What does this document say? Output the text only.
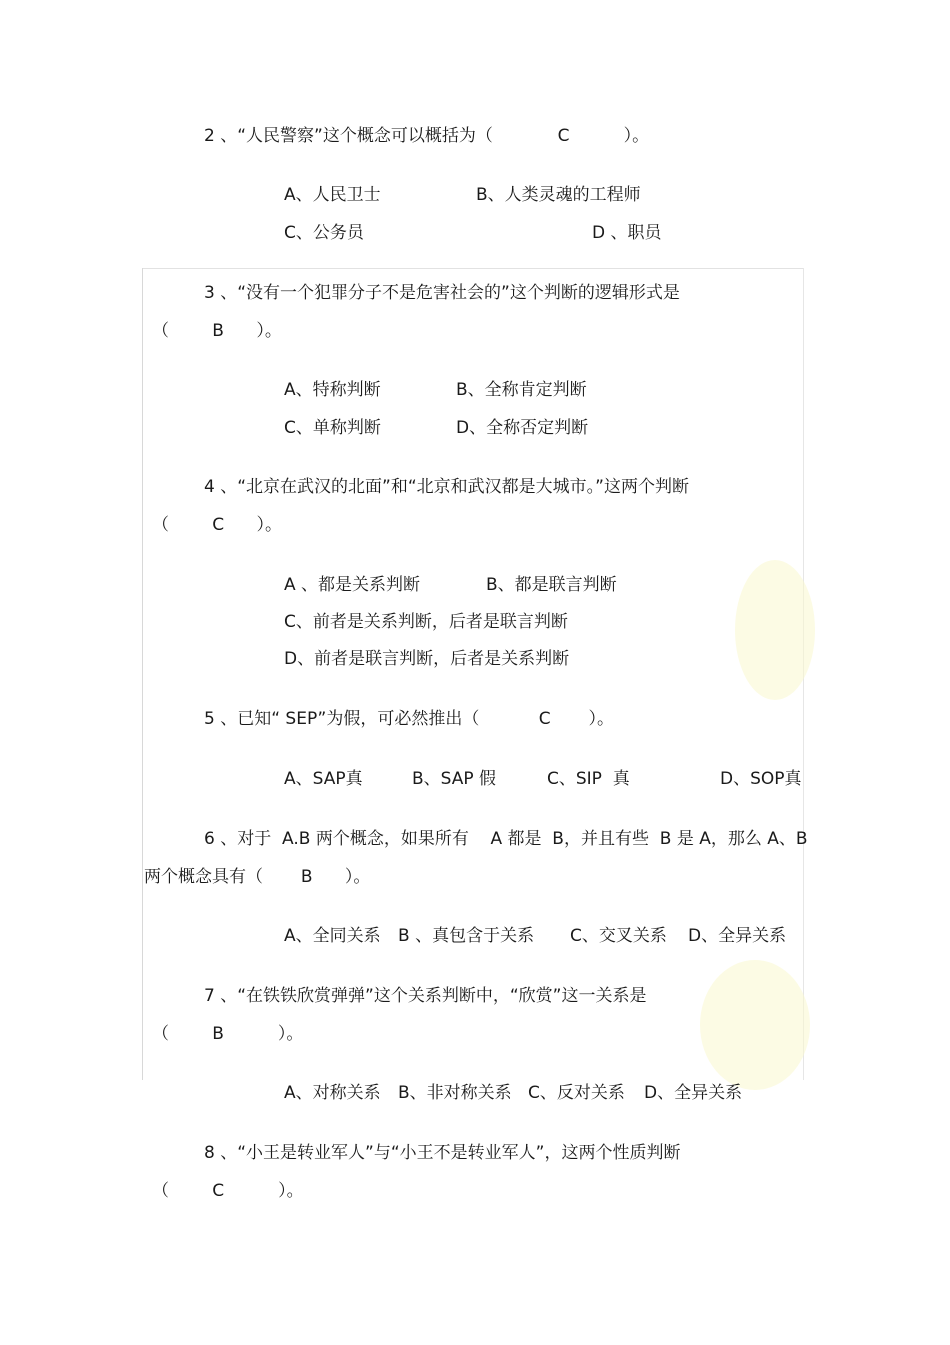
2 、“人民警察”这个概念可以概括为（            C          ）。
A、人民卫士	B、人类灵魂的工程师
C、公务员	D 、职员
3 、“没有一个犯罪分子不是危害社会的”这个判断的逻辑形式是
（        B      ）。
A、特称判断	B、全称肯定判断
C、单称判断	D、全称否定判断
4 、“北京在武汉的北面”和“北京和武汉都是大城市。”这两个判断
（        C      ）。
A 、都是关系判断	B、都是联言判断
C、前者是关系判断，后者是联言判断
D、前者是联言判断，后者是关系判断
5 、已知“ SEP”为假，可必然推出（           C       ）。
A、SAP真	B、SAP 假	C、SIP  真	D、SOP真
6 、对于  A.B 两个概念，如果所有    A 都是  B，并且有些  B 是 A，那么 A、B
两个概念具有（       B      ）。
A、全同关系 B 、真包含于关系 C、交叉关系 D、全异关系
7 、“在铁铁欣赏弹弹”这个关系判断中，“欣赏”这一关系是
（        B          ）。
A、对称关系 B、非对称关系 C、反对关系 D、全异关系
8 、“小王是转业军人”与“小王不是转业军人”，这两个性质判断
（        C          ）。
